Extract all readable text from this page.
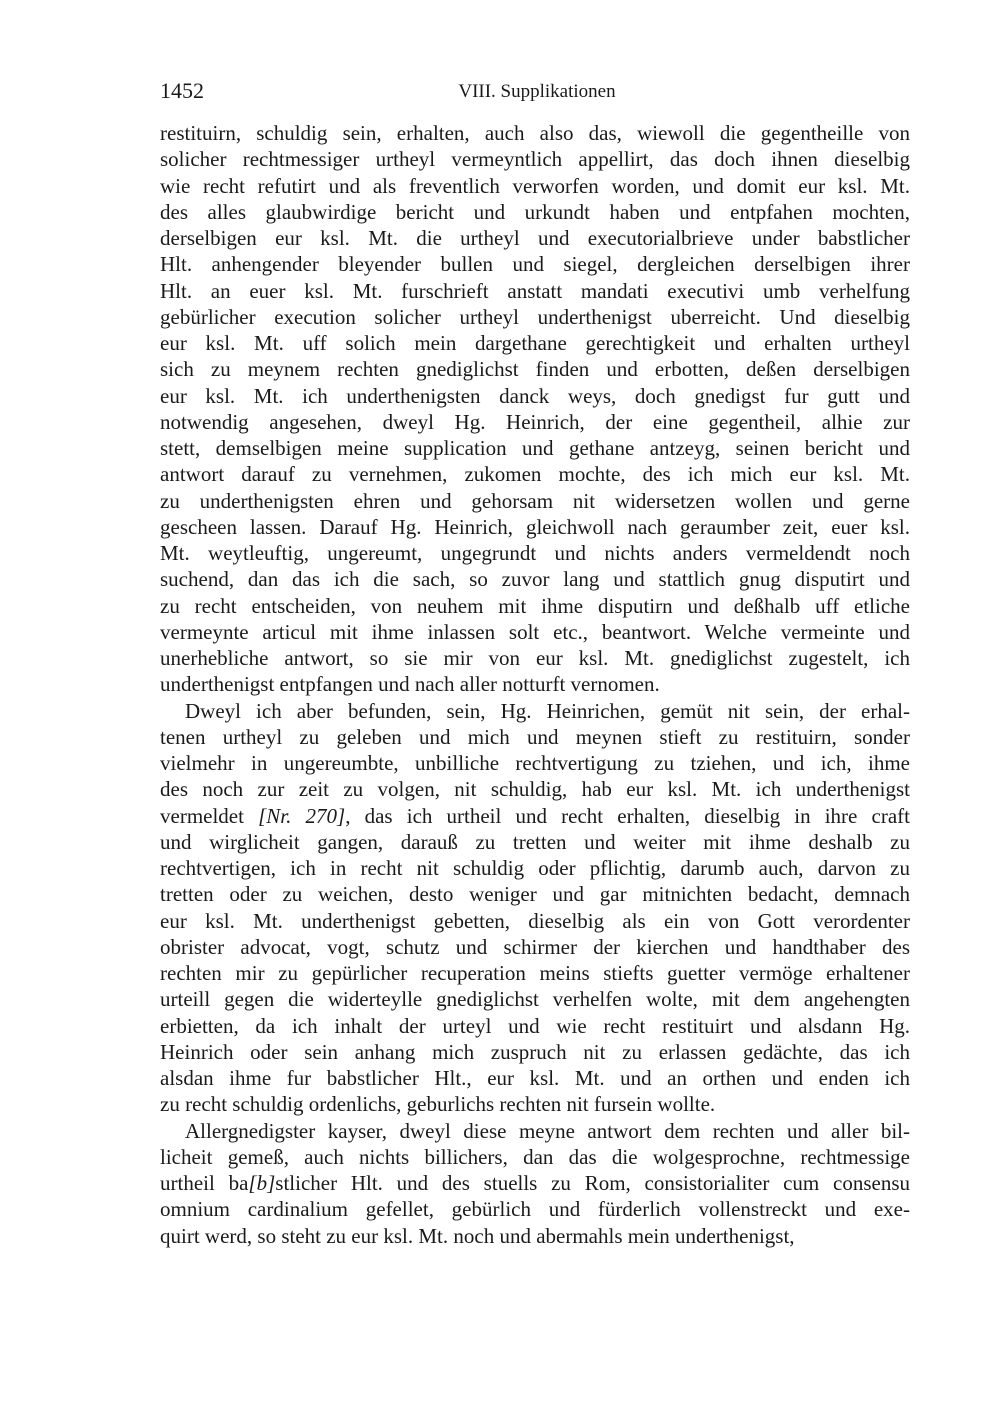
1452	VIII. Supplikationen
restituirn, schuldig sein, erhalten, auch also das, wiewoll die gegentheille von
solicher rechtmessiger urtheyl vermeyntlich appellirt, das doch ihnen dieselbig
wie recht refutirt und als freventlich verworfen worden, und domit eur ksl. Mt.
des alles glaubwirdige bericht und urkundt haben und entpfahen mochten,
derselbigen eur ksl. Mt. die urtheyl und executorialbrieve under babstlicher
Hlt. anhengender bleyender bullen und siegel, dergleichen derselbigen ihrer
Hlt. an euer ksl. Mt. furschrieft anstatt mandati executivi umb verhelfung
gebürlicher execution solicher urtheyl underthenigst uberreicht. Und dieselbig
eur ksl. Mt. uff solich mein dargethane gerechtigkeit und erhalten urtheyl
sich zu meynem rechten gnediglichst finden und erbotten, deßen derselbigen
eur ksl. Mt. ich underthenigsten danck weys, doch gnedigst fur gutt und
notwendig angesehen, dweyl Hg. Heinrich, der eine gegentheil, alhie zur
stett, demselbigen meine supplication und gethane antzeyg, seinen bericht und
antwort darauf zu vernehmen, zukomen mochte, des ich mich eur ksl. Mt.
zu underthenigsten ehren und gehorsam nit widersetzen wollen und gerne
gescheen lassen. Darauf Hg. Heinrich, gleichwoll nach geraumber zeit, euer ksl.
Mt. weytleuftig, ungereumt, ungegrundt und nichts anders vermeldendt noch
suchend, dan das ich die sach, so zuvor lang und stattlich gnug disputirt und
zu recht entscheiden, von neuhem mit ihme disputirn und deßhalb uff etliche
vermeynte articul mit ihme inlassen solt etc., beantwort. Welche vermeinte und
unerhebliche antwort, so sie mir von eur ksl. Mt. gnediglichst zugestelt, ich
underthenigst entpfangen und nach aller notturft vernomen.
Dweyl ich aber befunden, sein, Hg. Heinrichen, gemüt nit sein, der erhal-
tenen urtheyl zu geleben und mich und meynen stieft zu restituirn, sonder
vielmehr in ungereumbte, unbilliche rechtvertigung zu tziehen, und ich, ihme
des noch zur zeit zu volgen, nit schuldig, hab eur ksl. Mt. ich underthenigst
vermeldet [Nr. 270], das ich urtheil und recht erhalten, dieselbig in ihre craft
und wirglicheit gangen, darauß zu tretten und weiter mit ihme deshalb zu
rechtvertigen, ich in recht nit schuldig oder pflichtig, darumb auch, darvon zu
tretten oder zu weichen, desto weniger und gar mitnichten bedacht, demnach
eur ksl. Mt. underthenigst gebetten, dieselbig als ein von Gott verordenter
obrister advocat, vogt, schutz und schirmer der kierchen und handthaber des
rechten mir zu gepürlicher recuperation meins stiefts guetter vermöge erhaltener
urteill gegen die widerteylle gnediglichst verhelfen wolte, mit dem angehengten
erbietten, da ich inhalt der urteyl und wie recht restituirt und alsdann Hg.
Heinrich oder sein anhang mich zuspruch nit zu erlassen gedächte, das ich
alsdan ihme fur babstlicher Hlt., eur ksl. Mt. und an orthen und enden ich
zu recht schuldig ordenlichs, geburlichs rechten nit fursein wollte.
Allergnedigster kayser, dweyl diese meyne antwort dem rechten und aller bil-
licheit gemeß, auch nichts billichers, dan das die wolgesprochne, rechtmessige
urtheil ba[b]stlicher Hlt. und des stuells zu Rom, consistorialiter cum consensu
omnium cardinalium gefellet, gebürlich und fürderlich vollenstreckt und exe-
quirt werd, so steht zu eur ksl. Mt. noch und abermahls mein underthenigst,
